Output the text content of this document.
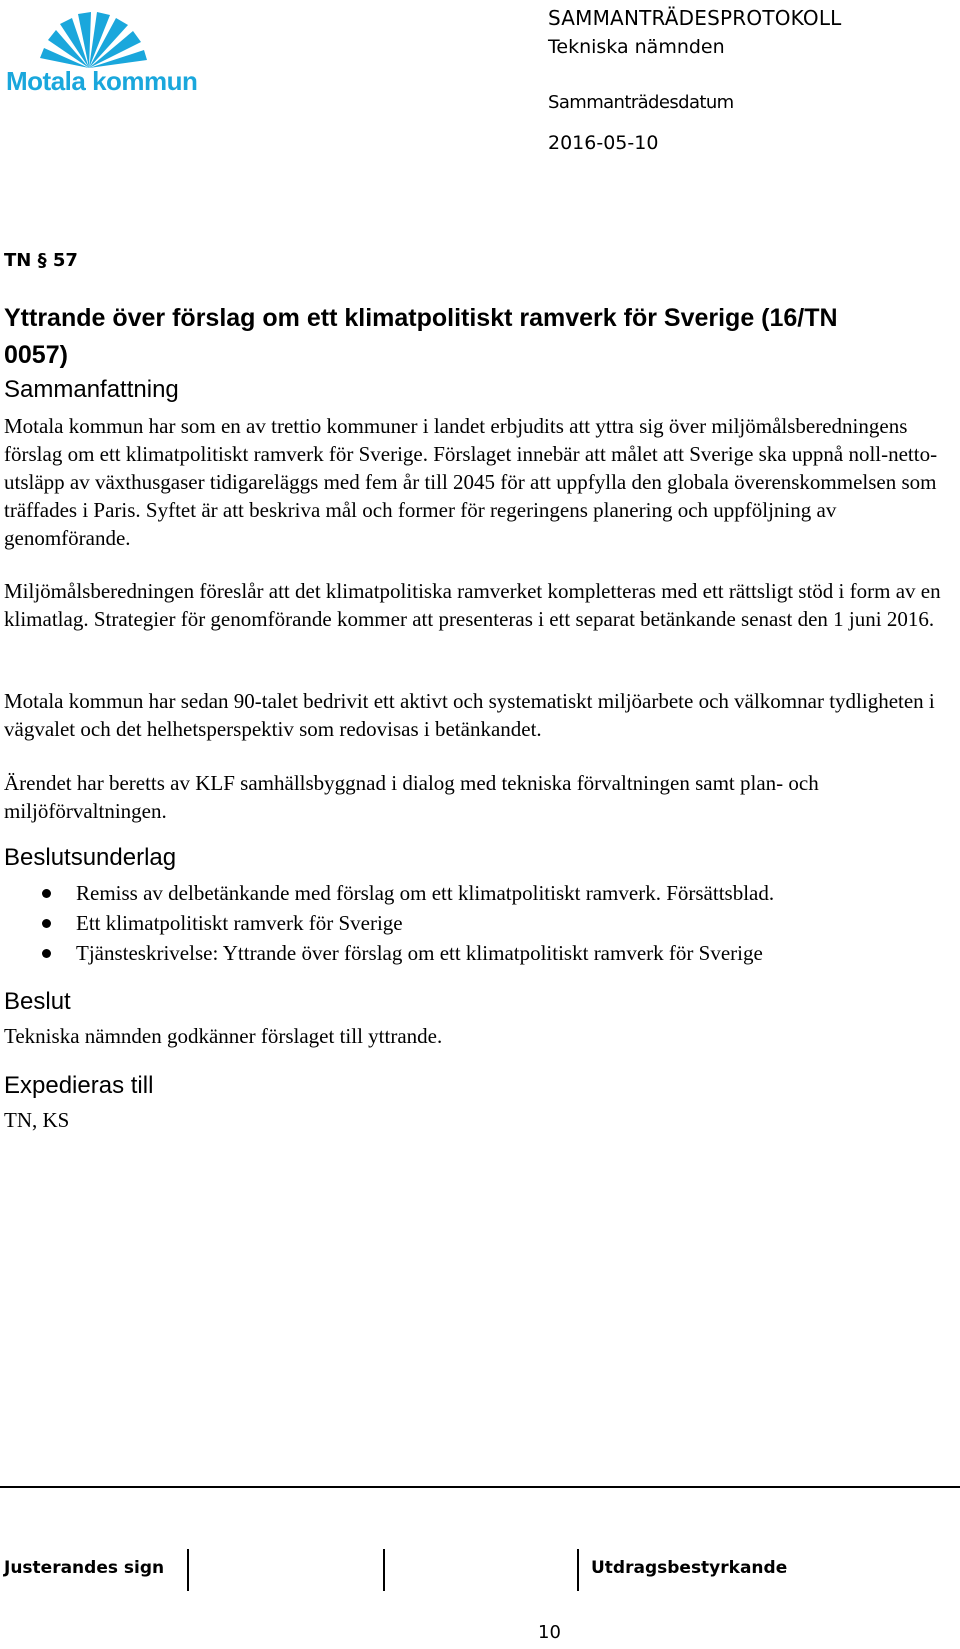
Motala kommun
SAMMANTRÄDESPROTOKOLL
Tekniska nämnden
Sammanträdesdatum
2016-05-10
TN § 57
Yttrande över förslag om ett klimatpolitiskt ramverk för Sverige (16/TN 0057)
Sammanfattning
Motala kommun har som en av trettio kommuner i landet erbjudits att yttra sig över miljömålsberedningens förslag om ett klimatpolitiskt ramverk för Sverige. Förslaget innebär att målet att Sverige ska uppnå noll-netto-utsläpp av växthusgaser tidigareläggs med fem år till 2045 för att uppfylla den globala överenskommelsen som träffades i Paris. Syftet är att beskriva mål och former för regeringens planering och uppföljning av genomförande.
Miljömålsberedningen föreslår att det klimatpolitiska ramverket kompletteras med ett rättsligt stöd i form av en klimatlag. Strategier för genomförande kommer att presenteras i ett separat betänkande senast den 1 juni 2016.
Motala kommun har sedan 90-talet bedrivit ett aktivt och systematiskt miljöarbete och välkomnar tydligheten i vägvalet och det helhetsperspektiv som redovisas i betänkandet.
Ärendet har beretts av KLF samhällsbyggnad i dialog med tekniska förvaltningen samt plan- och miljöförvaltningen.
Beslutsunderlag
Remiss av delbetänkande med förslag om ett klimatpolitiskt ramverk. Försättsblad.
Ett klimatpolitiskt ramverk för Sverige
Tjänsteskrivelse: Yttrande över förslag om ett klimatpolitiskt ramverk för Sverige
Beslut
Tekniska nämnden godkänner förslaget till yttrande.
Expedieras till
TN, KS
Justerandes sign	Utdragsbestyrkande
10
